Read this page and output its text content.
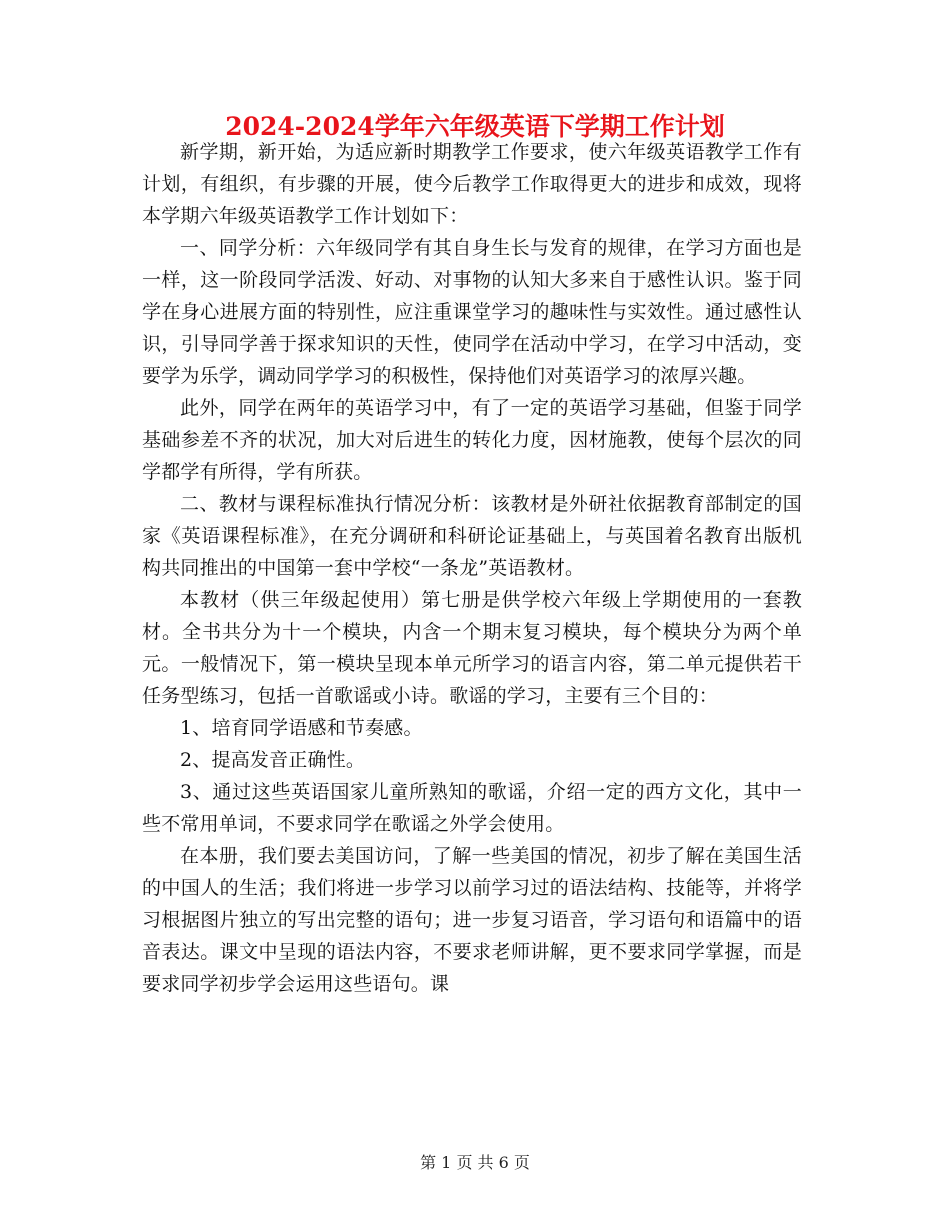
2024-2024学年六年级英语下学期工作计划

新学期，新开始，为适应新时期教学工作要求，使六年级英语教学工作有计划，有组织，有步骤的开展，使今后教学工作取得更大的进步和成效，现将本学期六年级英语教学工作计划如下：

一、同学分析：六年级同学有其自身生长与发育的规律，在学习方面也是一样，这一阶段同学活泼、好动、对事物的认知大多来自于感性认识。鉴于同学在身心进展方面的特别性，应注重课堂学习的趣味性与实效性。通过感性认识，引导同学善于探求知识的天性，使同学在活动中学习，在学习中活动，变要学为乐学，调动同学学习的积极性，保持他们对英语学习的浓厚兴趣。

此外，同学在两年的英语学习中，有了一定的英语学习基础，但鉴于同学基础参差不齐的状况，加大对后进生的转化力度，因材施教，使每个层次的同学都学有所得，学有所获。

二、教材与课程标准执行情况分析：该教材是外研社依据教育部制定的国家《英语课程标准》，在充分调研和科研论证基础上，与英国着名教育出版机构共同推出的中国第一套中学校“一条龙”英语教材。

本教材（供三年级起使用）第七册是供学校六年级上学期使用的一套教材。全书共分为十一个模块，内含一个期末复习模块，每个模块分为两个单元。一般情况下，第一模块呈现本单元所学习的语言内容，第二单元提供若干任务型练习，包括一首歌谣或小诗。歌谣的学习，主要有三个目的：

1、培育同学语感和节奏感。

2、提高发音正确性。

3、通过这些英语国家儿童所熟知的歌谣，介绍一定的西方文化，其中一些不常用单词，不要求同学在歌谣之外学会使用。

在本册，我们要去美国访问，了解一些美国的情况，初步了解在美国生活的中国人的生活；我们将进一步学习以前学习过的语法结构、技能等，并将学习根据图片独立的写出完整的语句；进一步复习语音，学习语句和语篇中的语音表达。课文中呈现的语法内容，不要求老师讲解，更不要求同学掌握，而是要求同学初步学会运用这些语句。课

第 1 页 共 6 页
